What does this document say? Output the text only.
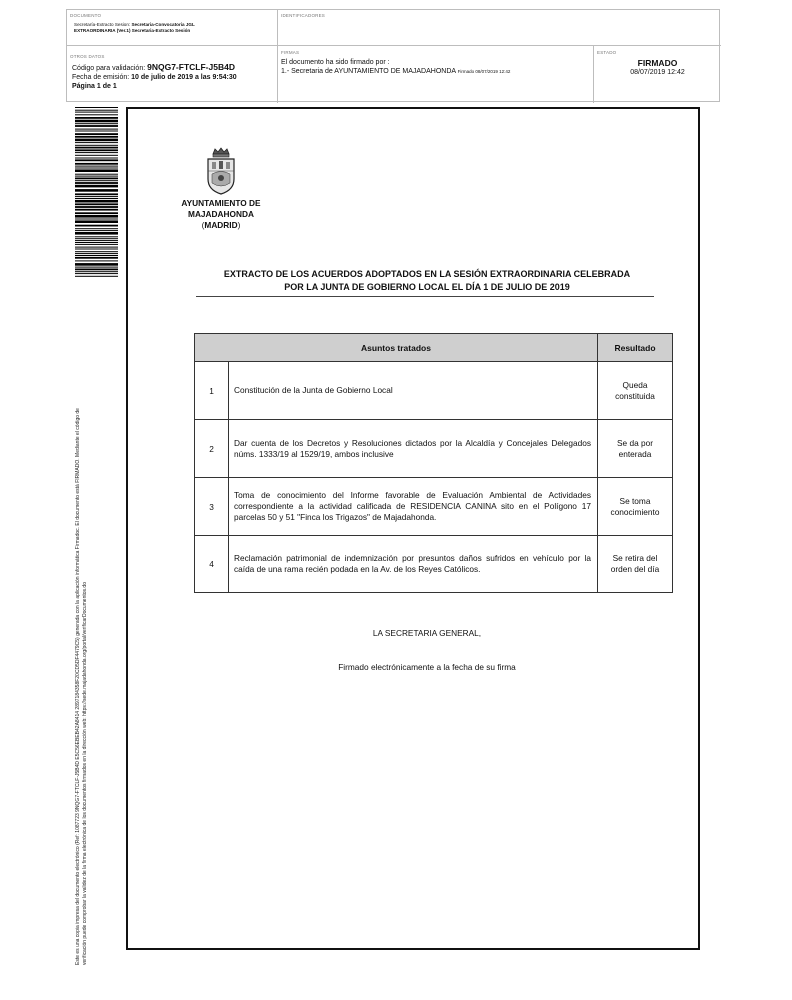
DOCUMENTO
Secretaría-Extracto Sesion: Secretaria-Convocatoria JGL
EXTRAORDINARIA (Ver.1) Secretaria-Extracto Sesión
IDENTIFICADORES
OTROS DATOS
Código para validación: 9NQG7-FTCLF-J5B4D
Fecha de emisión: 10 de julio de 2019 a las 9:54:30
Página 1 de 1
FIRMAS
El documento ha sido firmado por :
1.- Secretaria de AYUNTAMIENTO DE MAJADAHONDA Firmado 08/07/2019 12:42
ESTADO
FIRMADO
08/07/2019 12:42
Este es una copia impresa del documento electrónico (Ref: 1087723 9NQG7-FTCLF-J5B4D E5C56EBEB42A8414 2897184358F20CD5DF4479C5) generada con la aplicación informática Firmadoc. El documento está FIRMADO. Mediante el código de verificación puede comprobar la validez de la firma electrónica de los documentos firmados en la dirección web: https://sede.majadahonda.org/portal/verificarDocumentos.do
AYUNTAMIENTO DE
MAJADAHONDA
(MADRID)
EXTRACTO DE LOS ACUERDOS ADOPTADOS EN LA SESIÓN EXTRAORDINARIA CELEBRADA
POR LA JUNTA DE GOBIERNO LOCAL EL DÍA 1 DE JULIO DE 2019
Asuntos tratados		Resultado
1	Constitución de la Junta de Gobierno Local	Queda
constituida

2	Dar cuenta de los Decretos y Resoluciones dictados por la Alcaldía y Concejales Delegados núms. 1333/19 al 1529/19, ambos inclusive	Se da por
enterada

3	Toma de conocimiento del Informe favorable de Evaluación Ambiental de Actividades correspondiente a la actividad calificada de RESIDENCIA CANINA sito en el Polígono 17 parcelas 50 y 51 "Finca los Trigazos" de Majadahonda.	Se toma
conocimiento

4	Reclamación patrimonial de indemnización por presuntos daños sufridos en vehículo por la caída de una rama recién podada en la Av. de los Reyes Católicos.	Se retira del
orden del día
LA SECRETARIA GENERAL,
Firmado electrónicamente a la fecha de su firma
